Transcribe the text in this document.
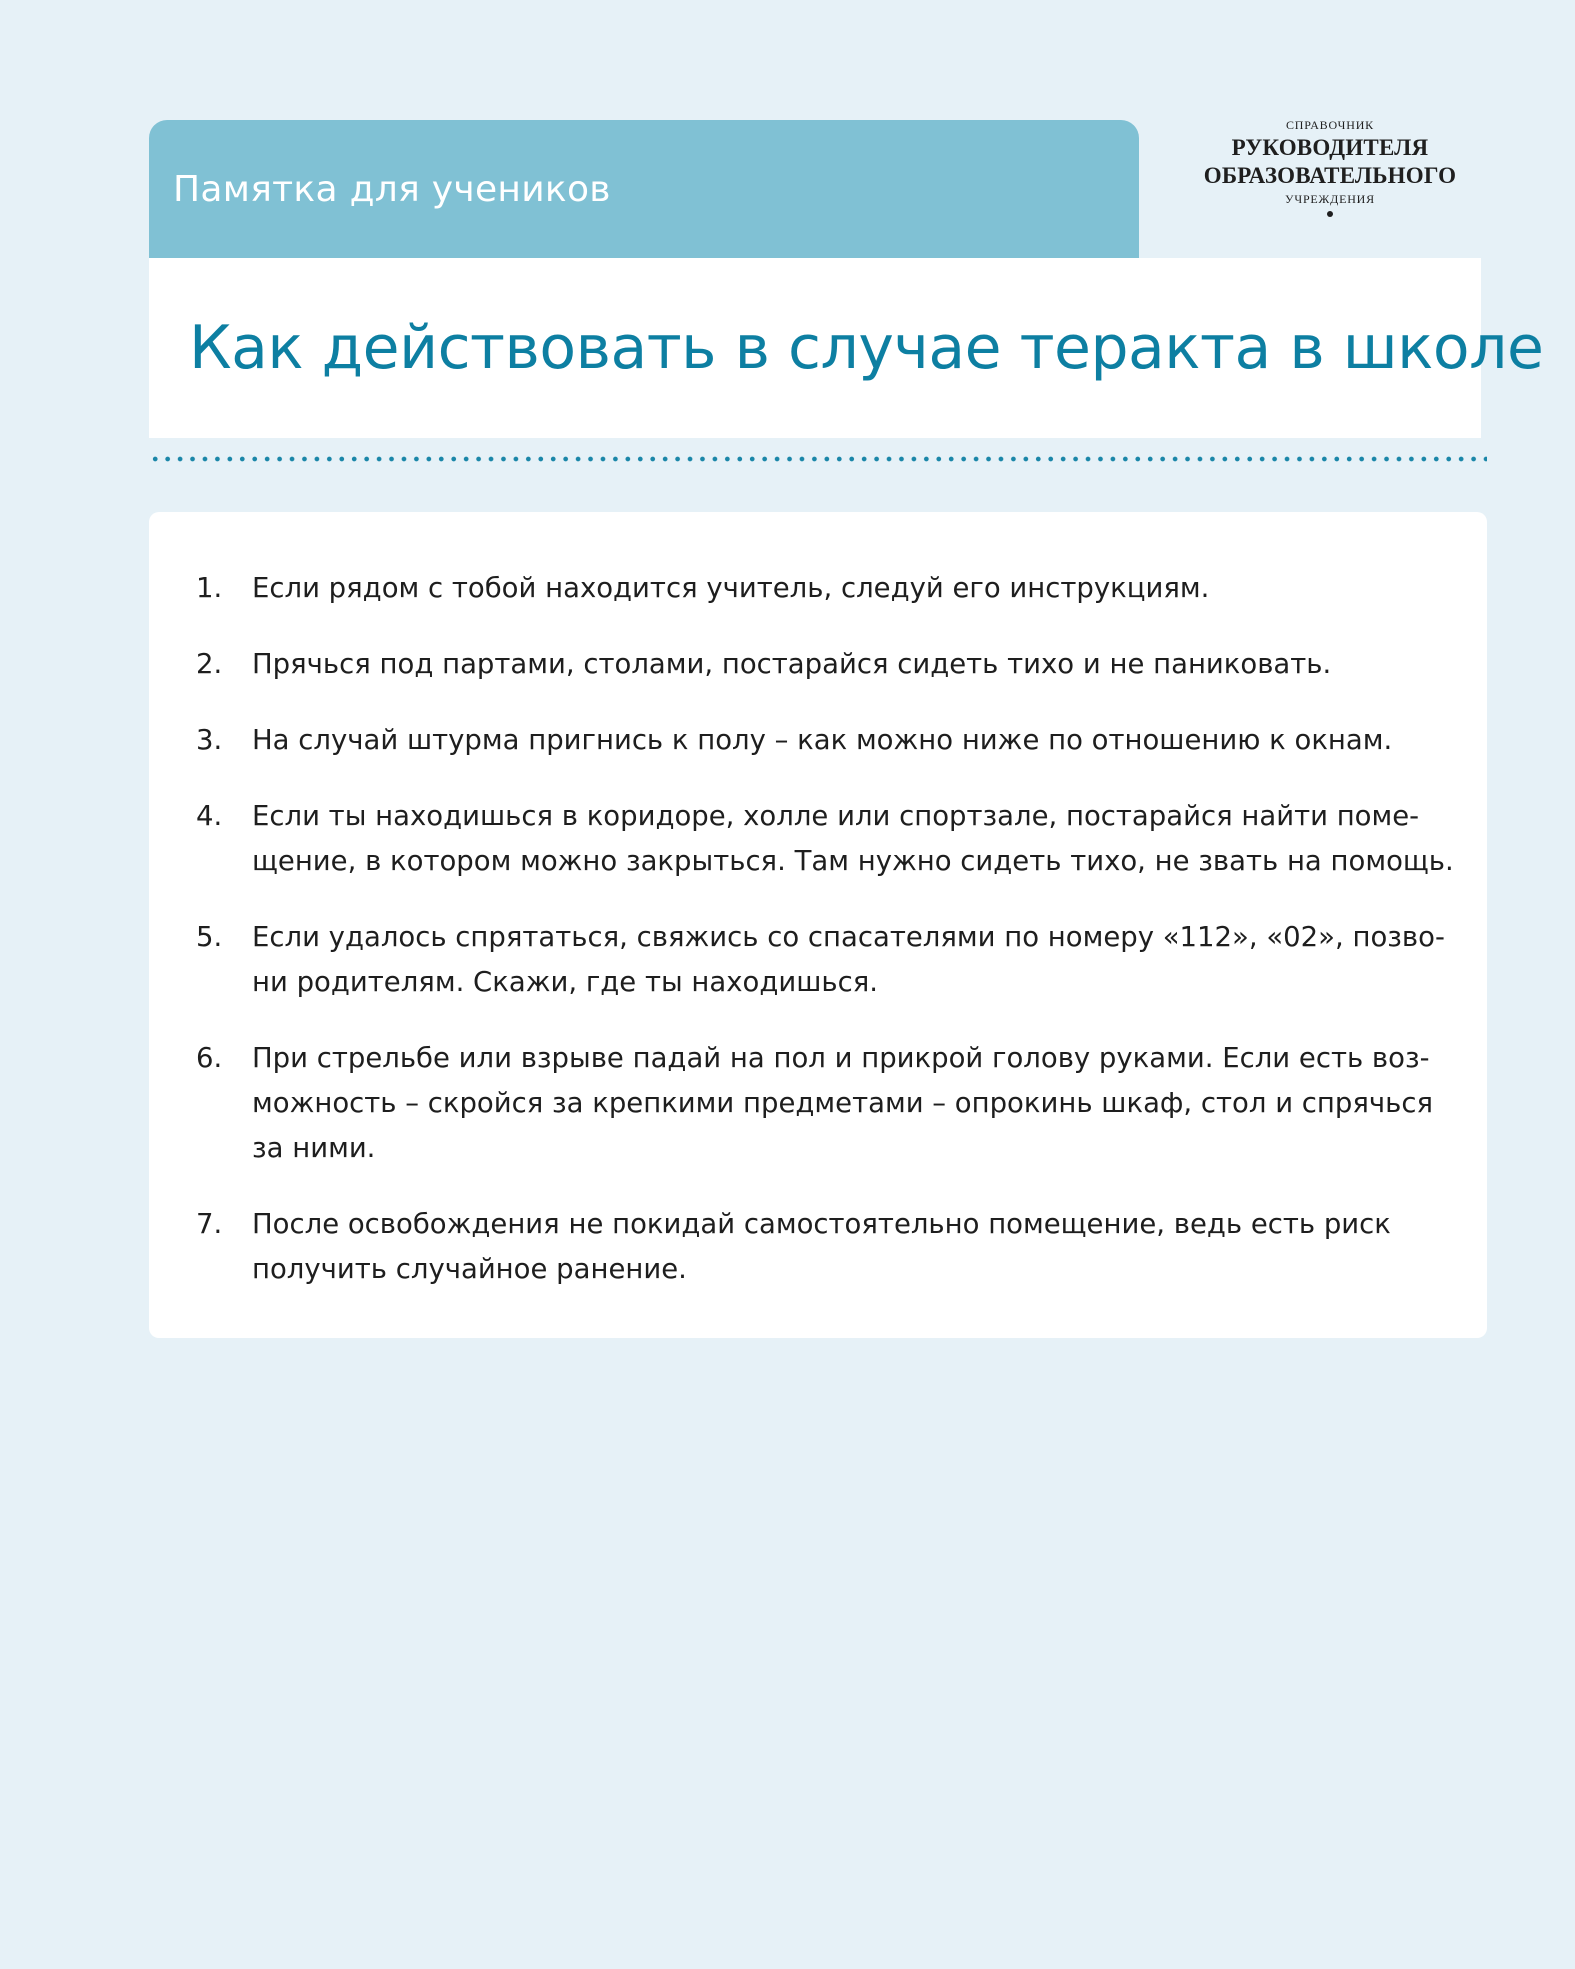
Памятка для учеников
СПРАВОЧНИК
РУКОВОДИТЕЛЯ
ОБРАЗОВАТЕЛЬНОГО
УЧРЕЖДЕНИЯ
Как действовать в случае теракта в школе
1.	Если рядом с тобой находится учитель, следуй его инструкциям.
2.	Прячься под партами, столами, постарайся сидеть тихо и не паниковать.
3.	На случай штурма пригнись к полу – как можно ниже по отношению к окнам.
4.	Если ты находишься в коридоре, холле или спортзале, постарайся найти поме-
щение, в котором можно закрыться. Там нужно сидеть тихо, не звать на помощь.
5.	Если удалось спрятаться, свяжись со спасателями по номеру «112», «02», позво-
ни родителям. Скажи, где ты находишься.
6.	При стрельбе или взрыве падай на пол и прикрой голову руками. Если есть воз-
можность – скройся за крепкими предметами – опрокинь шкаф, стол и спрячься
за ними.
7.	После освобождения не покидай самостоятельно помещение, ведь есть риск
получить случайное ранение.
